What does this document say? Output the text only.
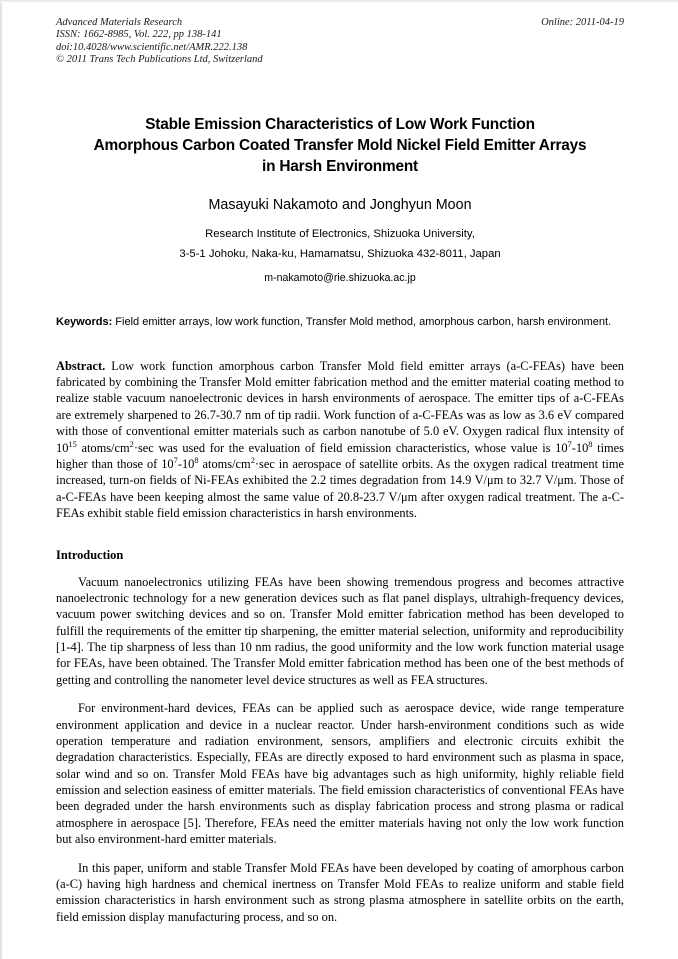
Advanced Materials Research	Online: 2011-04-19
ISSN: 1662-8985, Vol. 222, pp 138-141
doi:10.4028/www.scientific.net/AMR.222.138
© 2011 Trans Tech Publications Ltd, Switzerland
Stable Emission Characteristics of Low Work Function
Amorphous Carbon Coated Transfer Mold Nickel Field Emitter Arrays
in Harsh Environment
Masayuki Nakamoto and Jonghyun Moon
Research Institute of Electronics, Shizuoka University,
3-5-1 Johoku, Naka-ku, Hamamatsu, Shizuoka 432-8011, Japan
m-nakamoto@rie.shizuoka.ac.jp

Keywords: Field emitter arrays, low work function, Transfer Mold method, amorphous carbon, harsh environment.

Abstract. Low work function amorphous carbon Transfer Mold field emitter arrays (a-C-FEAs) have been fabricated by combining the Transfer Mold emitter fabrication method and the emitter material coating method to realize stable vacuum nanoelectronic devices in harsh environments of aerospace. The emitter tips of a-C-FEAs are extremely sharpened to 26.7-30.7 nm of tip radii. Work function of a-C-FEAs was as low as 3.6 eV compared with those of conventional emitter materials such as carbon nanotube of 5.0 eV. Oxygen radical flux intensity of $10^{15}$ atoms/$cm^2\cdot\sec$ was used for the evaluation of field emission characteristics, whose value is $10^7-10^8$ times higher than those of $10^7-10^8$ atoms/$cm^2\cdot\sec$ in aerospace of satellite orbits. As the oxygen radical treatment time increased, turn-on fields of Ni-FEAs exhibited the 2.2 times degradation from 14.9 V/μm to 32.7 V/μm. Those of a-C-FEAs have been keeping almost the same value of 20.8-23.7 V/μm after oxygen radical treatment. The a-C-FEAs exhibit stable field emission characteristics in harsh environments.

Introduction

Vacuum nanoelectronics utilizing FEAs have been showing tremendous progress and becomes attractive nanoelectronic technology for a new generation devices such as flat panel displays, ultrahigh-frequency devices, vacuum power switching devices and so on. Transfer Mold emitter fabrication method has been developed to fulfill the requirements of the emitter tip sharpening, the emitter material selection, uniformity and reproducibility [1-4]. The tip sharpness of less than 10 nm radius, the good uniformity and the low work function material usage for FEAs, have been obtained. The Transfer Mold emitter fabrication method has been one of the best methods of getting and controlling the nanometer level device structures as well as FEA structures.

For environment-hard devices, FEAs can be applied such as aerospace device, wide range temperature environment application and device in a nuclear reactor. Under harsh-environment conditions such as wide operation temperature and radiation environment, sensors, amplifiers and electronic circuits exhibit the degradation characteristics. Especially, FEAs are directly exposed to hard environment such as plasma in space, solar wind and so on. Transfer Mold FEAs have big advantages such as high uniformity, highly reliable field emission and selection easiness of emitter materials. The field emission characteristics of conventional FEAs have been degraded under the harsh environments such as display fabrication process and strong plasma or radical atmosphere in aerospace [5]. Therefore, FEAs need the emitter materials having not only the low work function but also environment-hard emitter materials.

In this paper, uniform and stable Transfer Mold FEAs have been developed by coating of amorphous carbon (a-C) having high hardness and chemical inertness on Transfer Mold FEAs to realize uniform and stable field emission characteristics in harsh environment such as strong plasma atmosphere in satellite orbits on the earth, field emission display manufacturing process, and so on.
